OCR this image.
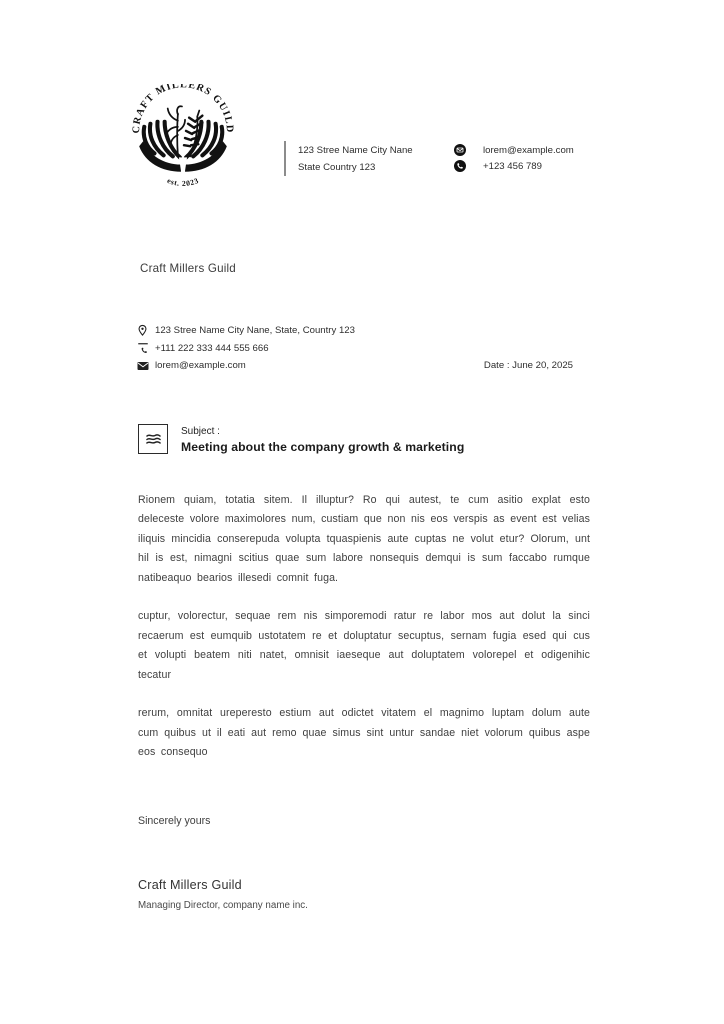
CRAFT MILLERS GUILD
est. 2023
123 Stree Name City Nane
State Country 123
lorem@example.com
+123 456 789
Craft Millers Guild
123 Stree Name City Nane, State, Country 123
+111 222 333 444 555 666
lorem@example.com	Date : June 20, 2025
Subject :
Meeting about the company growth & marketing

Rionem quiam, totatia sitem. Il illuptur? Ro qui autest, te cum asitio explat esto deleceste volore maximolores num, custiam que non nis eos verspis as event est velias iliquis mincidia conserepuda volupta tquaspienis aute cuptas ne volut etur? Olorum, unt hil is est, nimagni scitius quae sum labore nonsequis demqui is sum faccabo rumque natibeaquo bearios illesedi comnit fuga.

cuptur, volorectur, sequae rem nis simporemodi ratur re labor mos aut dolut la sinci recaerum est eumquib ustotatem re et doluptatur secuptus, sernam fugia esed qui cus et volupti beatem niti natet, omnisit iaeseque aut doluptatem volorepel et odigenihic tecatur

rerum, omnitat ureperesto estium aut odictet vitatem el magnimo luptam dolum aute cum quibus ut il eati aut remo quae simus sint untur sandae niet volorum quibus aspe eos consequo

Sincerely yours
Craft Millers Guild
Managing Director, company name inc.
